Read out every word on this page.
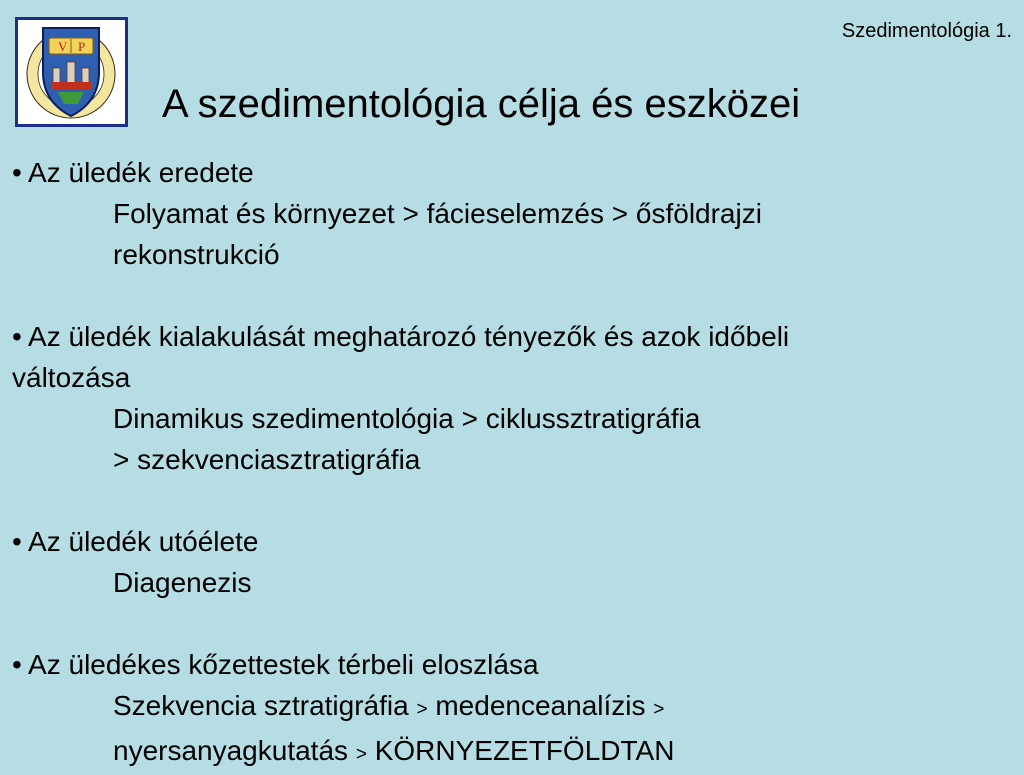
V P
Szedimentológia 1.
A szedimentológia célja és eszközei
• Az üledék eredete
Folyamat és környezet > fácieselemzés > ősföldrajzi
rekonstrukció
• Az üledék kialakulását meghatározó tényezők és azok időbeli
változása
Dinamikus szedimentológia > ciklussztratigráfia
> szekvenciasztratigráfia
• Az üledék utóélete
Diagenezis
• Az üledékes kőzettestek térbeli eloszlása
Szekvencia sztratigráfia > medenceanalízis >
nyersanyagkutatás > KÖRNYEZETFÖLDTAN
